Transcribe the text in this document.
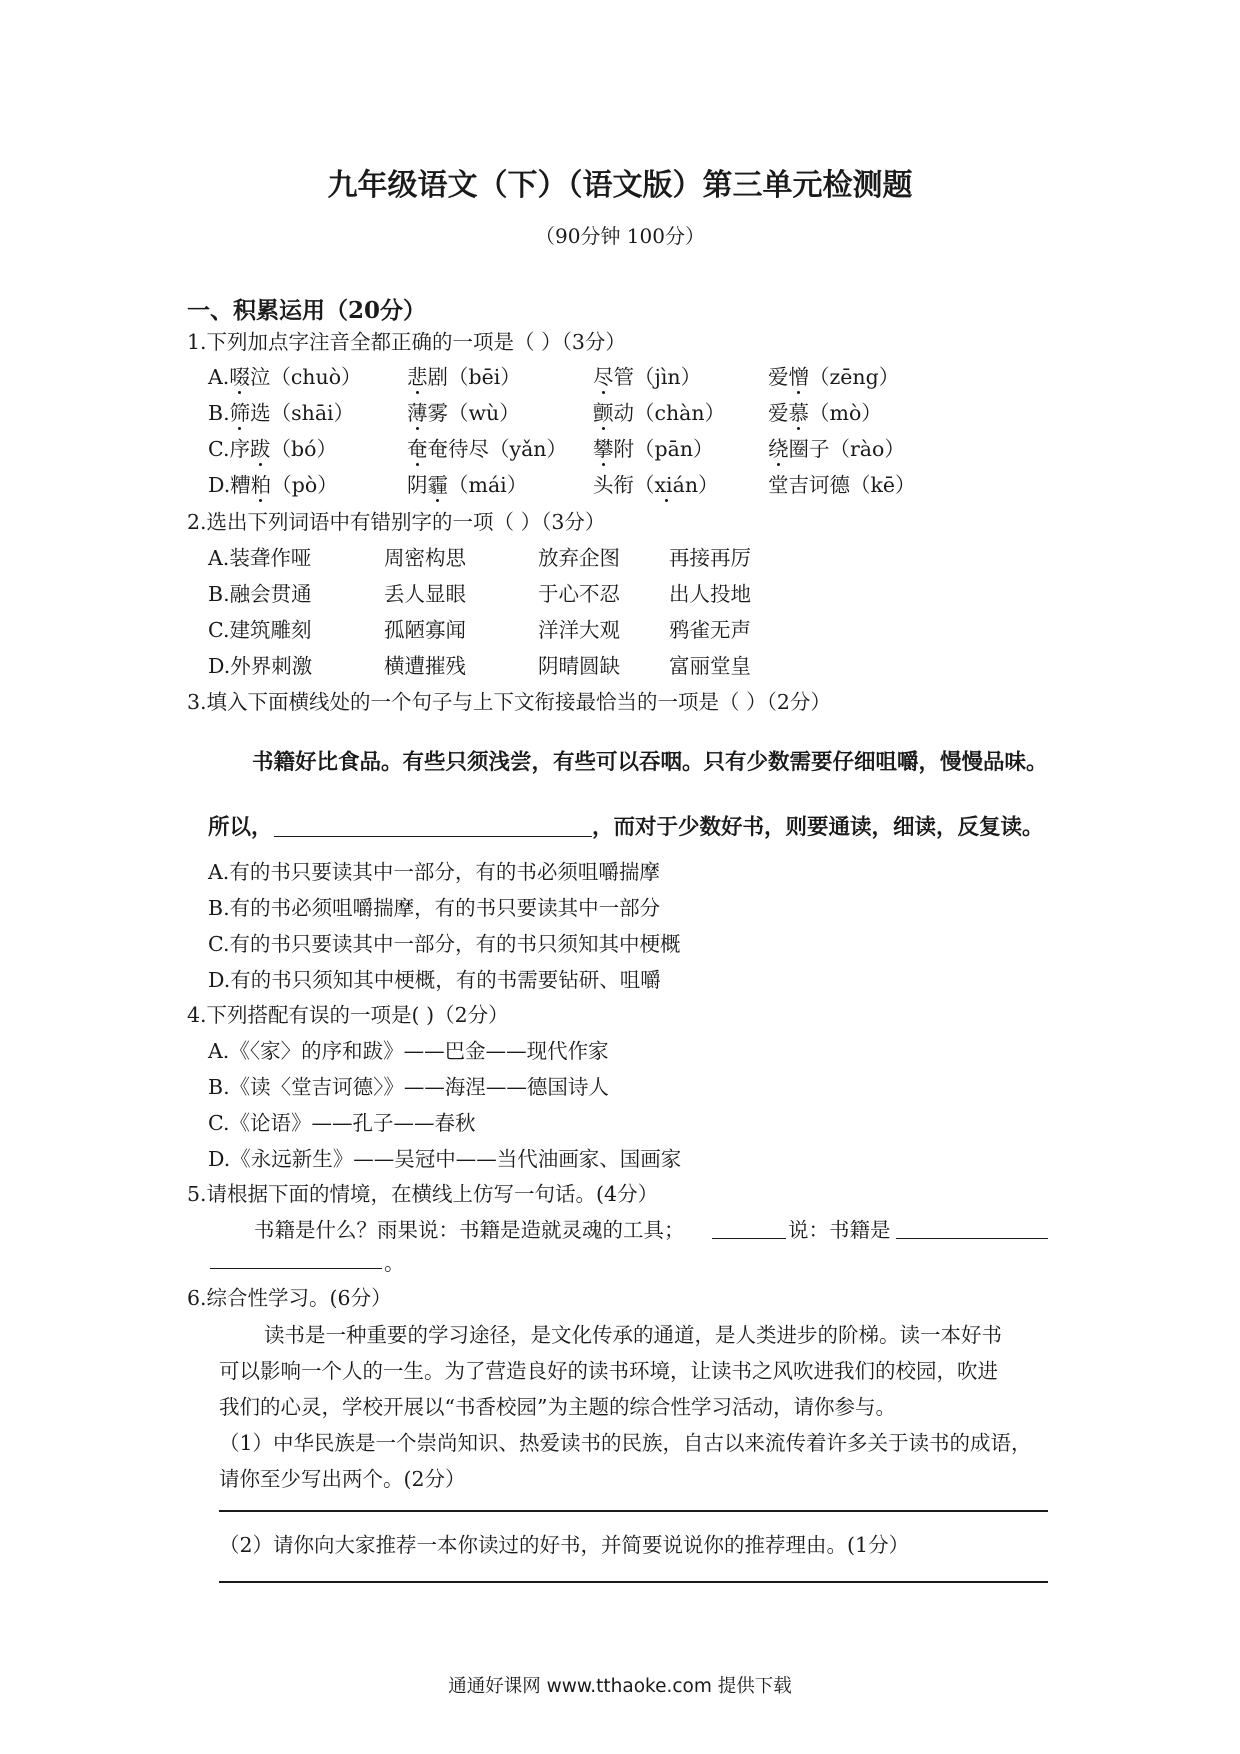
九年级语文（下）（语文版）第三单元检测题
（90分钟 100分）
一、积累运用（20分）
1.下列加点字注音全都正确的一项是（ ）（3分）
A.啜泣（chuò） 悲剧（bēi）	尽管（jìn）	爱憎（zēng）
B.筛选（shāi）	薄雾（wù）	颤动（chàn） 爱慕（mò）
C.序跋（bó）	奄奄待尽（yǎn） 攀附（pān）	绕圈子（rào）
D.糟粕（pò）	阴霾（mái）	头衔（xián） 堂吉诃德（kē）
2.选出下列词语中有错别字的一项（ ）（3分）
A.装聋作哑	周密构思	放弃企图 再接再厉
B.融会贯通	丢人显眼	于心不忍 出人投地
C.建筑雕刻	孤陋寡闻	洋洋大观 鸦雀无声
D.外界刺激	横遭摧残	阴晴圆缺 富丽堂皇
3.填入下面横线处的一个句子与上下文衔接最恰当的一项是（ ）（2分）
书籍好比食品。有些只须浅尝，有些可以吞咽。只有少数需要仔细咀嚼，慢慢品味。
所以，	，而对于少数好书，则要通读，细读，反复读。
A.有的书只要读其中一部分，有的书必须咀嚼揣摩
B.有的书必须咀嚼揣摩，有的书只要读其中一部分
C.有的书只要读其中一部分，有的书只须知其中梗概
D.有的书只须知其中梗概，有的书需要钻研、咀嚼
4.下列搭配有误的一项是( )（2分）
A.《〈家〉的序和跋》——巴金——现代作家
B.《读〈堂吉诃德〉》——海涅——德国诗人
C.《论语》——孔子——春秋
D.《永远新生》——吴冠中——当代油画家、国画家
5.请根据下面的情境，在横线上仿写一句话。(4分）
书籍是什么？雨果说：书籍是造就灵魂的工具；	说：书籍是
。
6.综合性学习。(6分）
读书是一种重要的学习途径，是文化传承的通道，是人类进步的阶梯。读一本好书
可以影响一个人的一生。为了营造良好的读书环境，让读书之风吹进我们的校园，吹进
我们的心灵，学校开展以“书香校园”为主题的综合性学习活动，请你参与。
（1）中华民族是一个崇尚知识、热爱读书的民族，自古以来流传着许多关于读书的成语，
请你至少写出两个。(2分）
（2）请你向大家推荐一本你读过的好书，并简要说说你的推荐理由。(1分）
通通好课网 www.tthaoke.com 提供下载
